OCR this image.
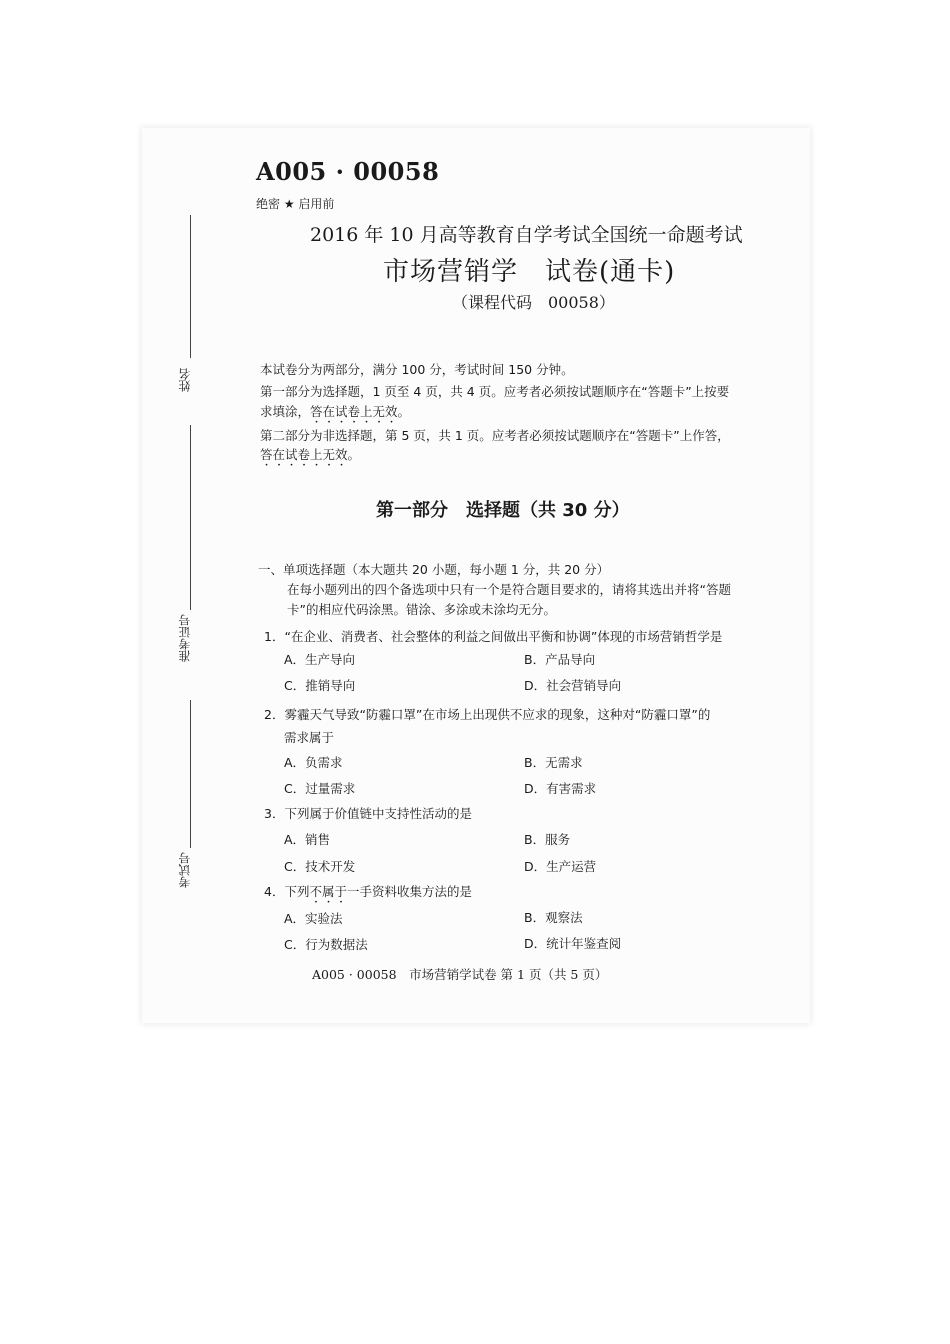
A005 · 00058
绝密 ★ 启用前
2016 年 10 月高等教育自学考试全国统一命题考试
市场营销学　试卷(通卡)
（课程代码　00058）
姓名
准考证号
考试号
本试卷分为两部分，满分 100 分，考试时间 150 分钟。
第一部分为选择题，1 页至 4 页，共 4 页。应考者必须按试题顺序在“答题卡”上按要
求填涂，答在试卷上无效。
第二部分为非选择题，第 5 页，共 1 页。应考者必须按试题顺序在“答题卡”上作答，
答在试卷上无效。
第一部分　选择题（共 30 分）
一、单项选择题（本大题共 20 小题，每小题 1 分，共 20 分）
在每小题列出的四个备选项中只有一个是符合题目要求的，请将其选出并将“答题
卡”的相应代码涂黑。错涂、多涂或未涂均无分。
1．“在企业、消费者、社会整体的利益之间做出平衡和协调”体现的市场营销哲学是
A．生产导向	B．产品导向
C．推销导向	D．社会营销导向
2．雾霾天气导致“防霾口罩”在市场上出现供不应求的现象，这种对“防霾口罩”的
需求属于
A．负需求	B．无需求
C．过量需求	D．有害需求
3．下列属于价值链中支持性活动的是
A．销售	B．服务
C．技术开发	D．生产运营
4．下列不属于一手资料收集方法的是
A．实验法	B．观察法
C．行为数据法	D．统计年鉴查阅
A005 · 00058　市场营销学试卷 第 1 页（共 5 页）
